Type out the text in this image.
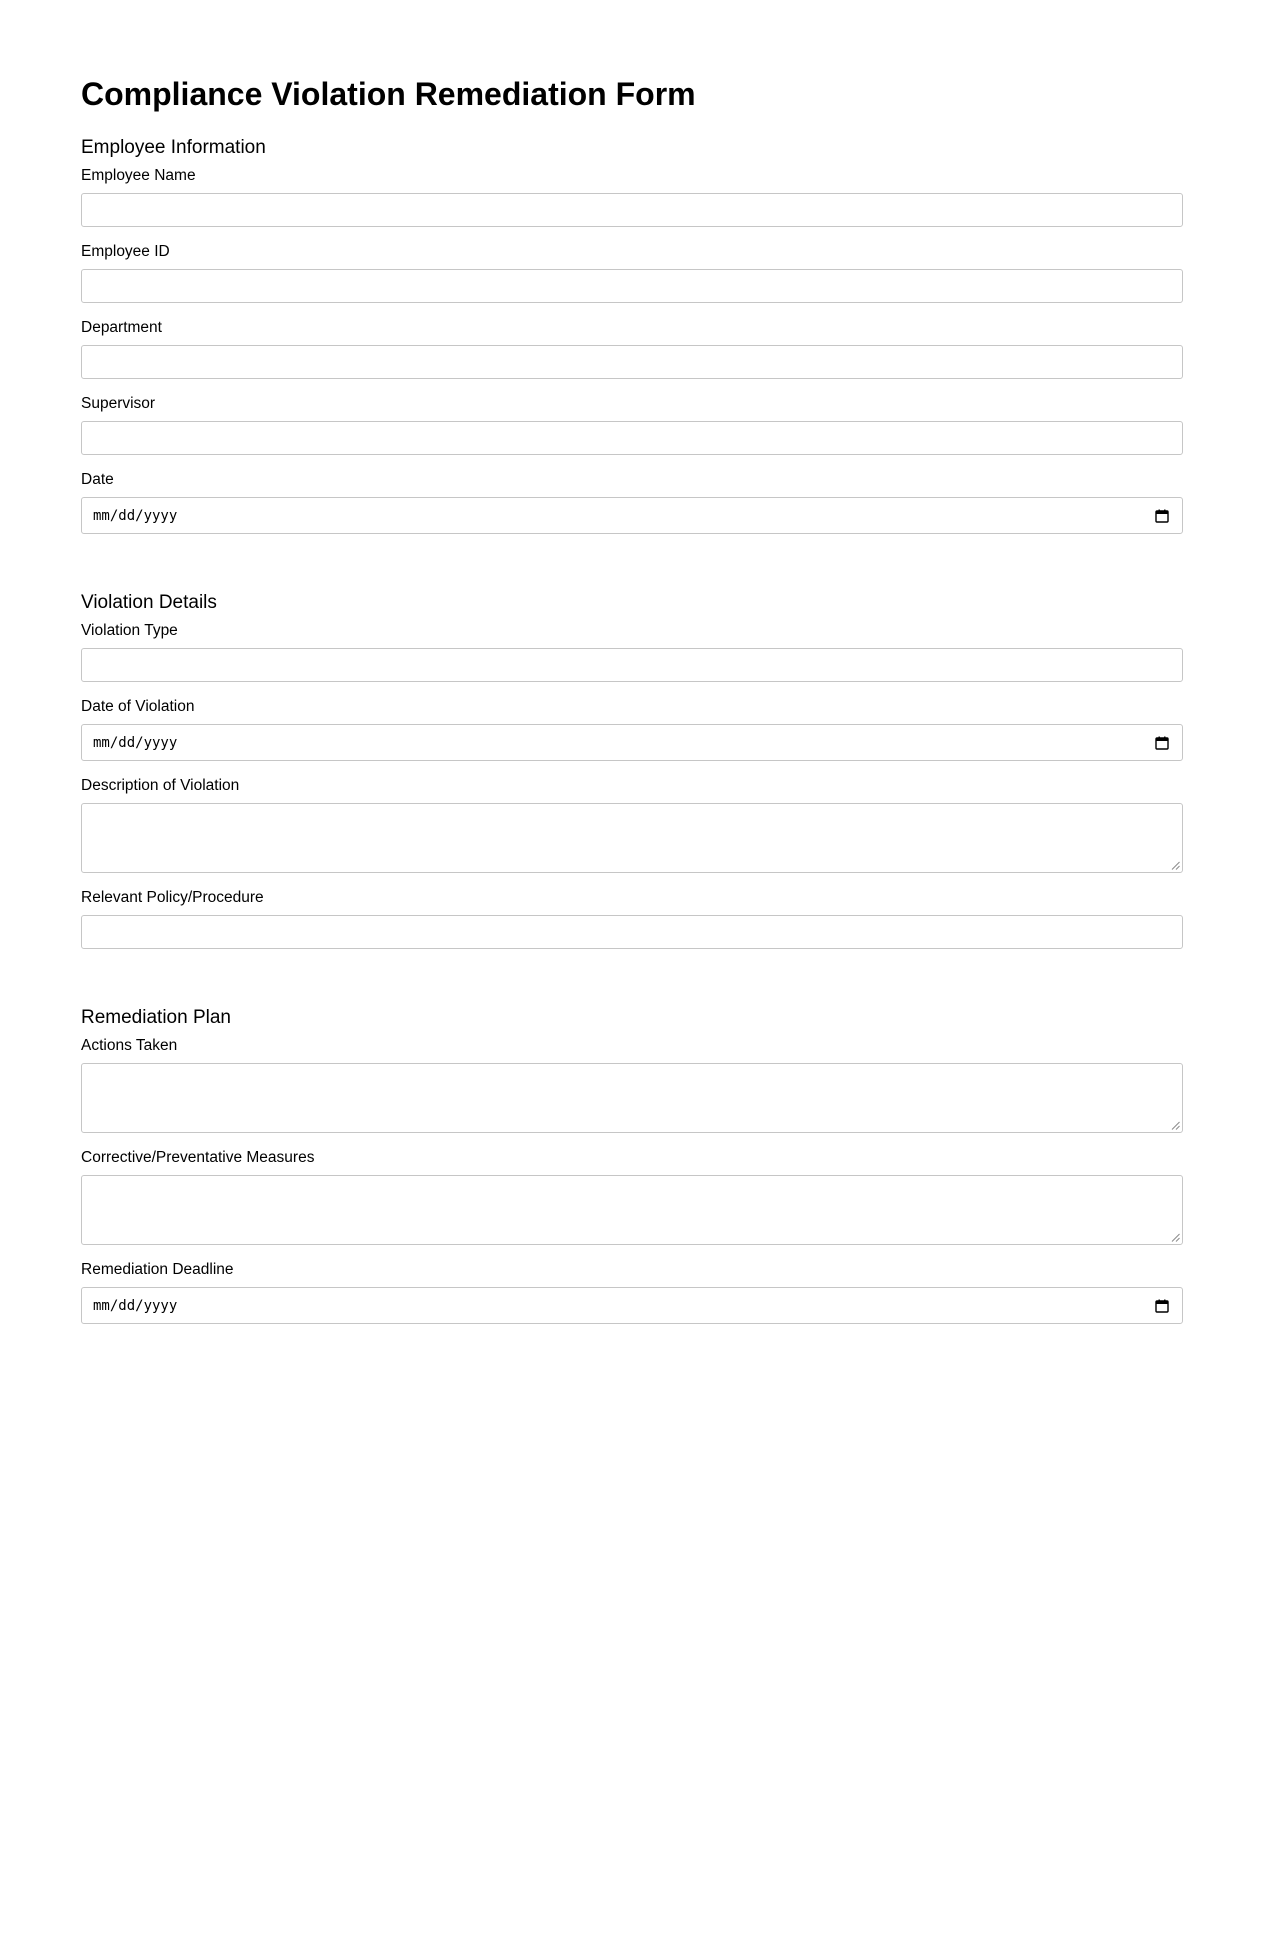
Compliance Violation Remediation Form
Employee Information
Employee Name
Employee ID
Department
Supervisor
Date
mm/dd/yyyy
Violation Details
Violation Type
Date of Violation
mm/dd/yyyy
Description of Violation
Relevant Policy/Procedure
Remediation Plan
Actions Taken
Corrective/Preventative Measures
Remediation Deadline
mm/dd/yyyy
